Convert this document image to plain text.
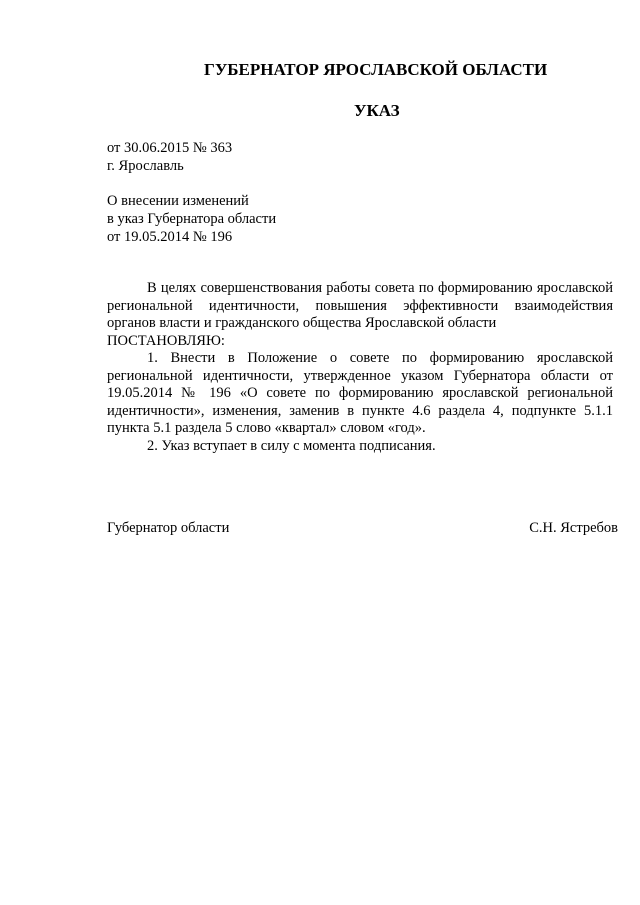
ГУБЕРНАТОР ЯРОСЛАВСКОЙ ОБЛАСТИ
УКАЗ
от 30.06.2015 № 363
г. Ярославль
О внесении изменений
в указ Губернатора области
от 19.05.2014 № 196

В целях совершенствования работы совета по формированию ярославской региональной идентичности, повышения эффективности взаимодействия органов власти и гражданского общества Ярославской области

ПОСТАНОВЛЯЮ:

1. Внести в Положение о совете по формированию ярославской региональной идентичности, утвержденное указом Губернатора области от 19.05.2014 № 196 «О совете по формированию ярославской региональной идентичности», изменения, заменив в пункте 4.6 раздела 4, подпункте 5.1.1 пункта 5.1 раздела 5 слово «квартал» словом «год».

2. Указ вступает в силу с момента подписания.

Губернатор области	С.Н. Ястребов
